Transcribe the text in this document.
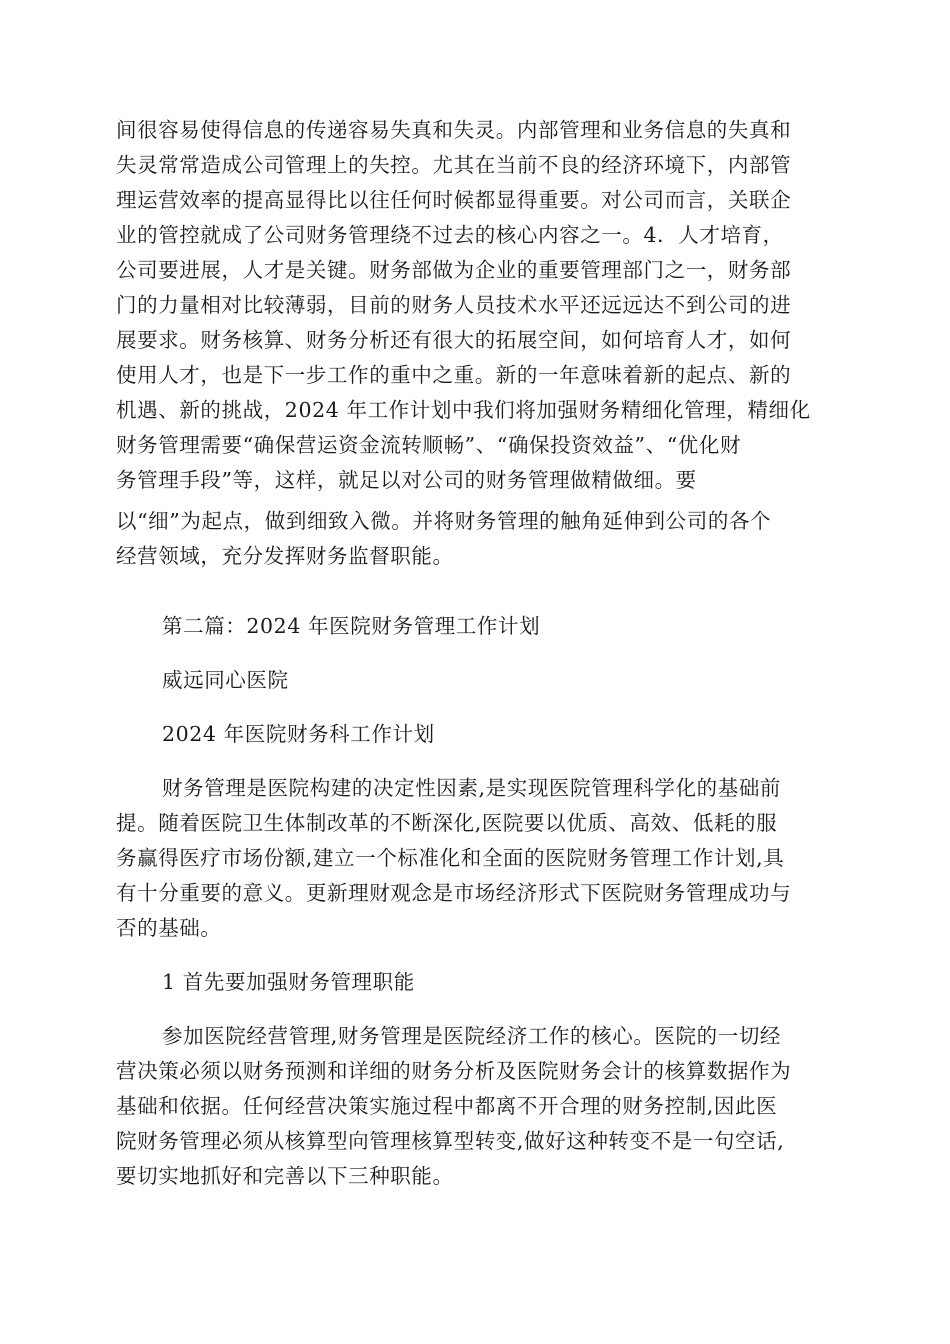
间很容易使得信息的传递容易失真和失灵。内部管理和业务信息的失真和

失灵常常造成公司管理上的失控。尤其在当前不良的经济环境下，内部管

理运营效率的提高显得比以往任何时候都显得重要。对公司而言，关联企

业的管控就成了公司财务管理绕不过去的核心内容之一。4．人才培育，

公司要进展，人才是关键。财务部做为企业的重要管理部门之一，财务部

门的力量相对比较薄弱，目前的财务人员技术水平还远远达不到公司的进

展要求。财务核算、财务分析还有很大的拓展空间，如何培育人才，如何

使用人才，也是下一步工作的重中之重。新的一年意味着新的起点、新的

机遇、新的挑战，2024 年工作计划中我们将加强财务精细化管理，精细化

财务管理需要“确保营运资金流转顺畅”、“确保投资效益”、“优化财

务管理手段”等，这样，就足以对公司的财务管理做精做细。要

以“细”为起点，做到细致入微。并将财务管理的触角延伸到公司的各个

经营领域，充分发挥财务监督职能。

第二篇：2024 年医院财务管理工作计划

威远同心医院

2024 年医院财务科工作计划

财务管理是医院构建的决定性因素,是实现医院管理科学化的基础前

提。随着医院卫生体制改革的不断深化,医院要以优质、高效、低耗的服

务赢得医疗市场份额,建立一个标准化和全面的医院财务管理工作计划,具

有十分重要的意义。更新理财观念是市场经济形式下医院财务管理成功与

否的基础。

1 首先要加强财务管理职能

参加医院经营管理,财务管理是医院经济工作的核心。医院的一切经

营决策必须以财务预测和详细的财务分析及医院财务会计的核算数据作为

基础和依据。任何经营决策实施过程中都离不开合理的财务控制,因此医

院财务管理必须从核算型向管理核算型转变,做好这种转变不是一句空话,

要切实地抓好和完善以下三种职能。
